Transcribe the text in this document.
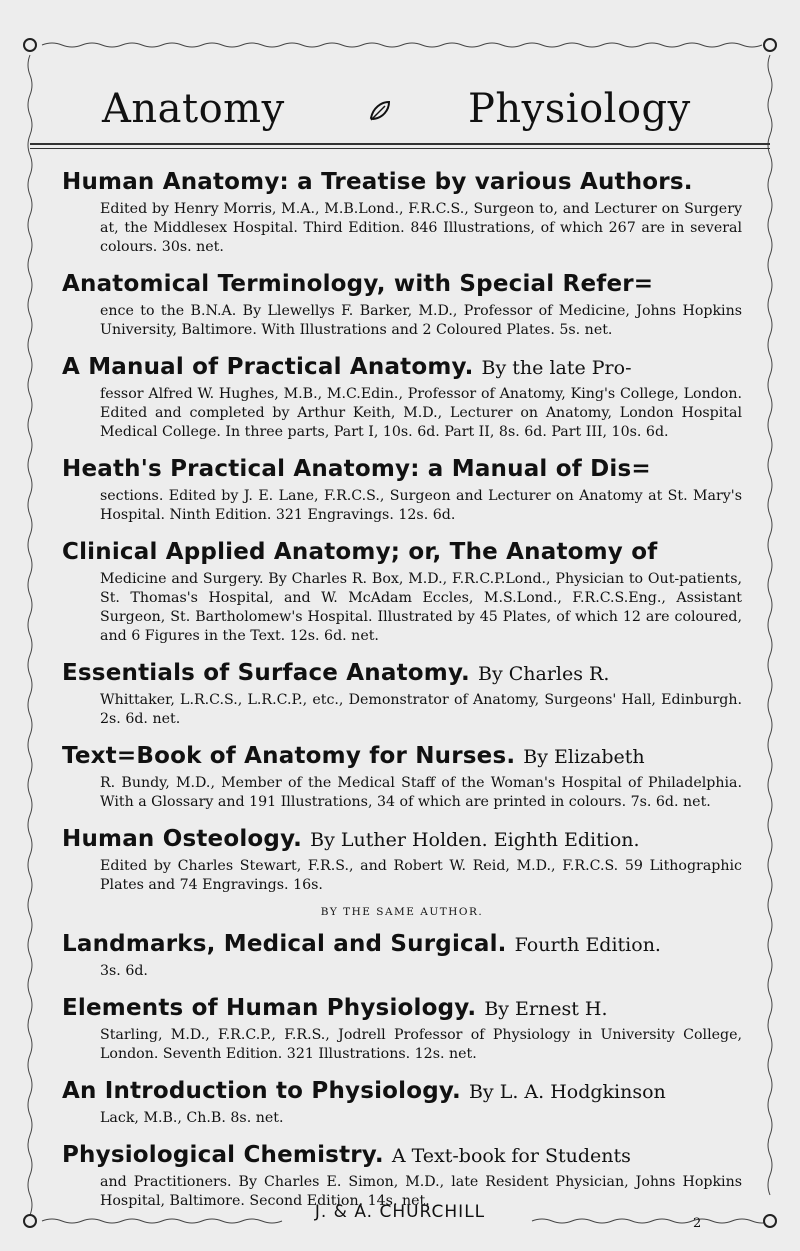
Anatomy	Physiology
Human Anatomy: a Treatise by various Authors.
Edited by Henry Morris, M.A., M.B.Lond., F.R.C.S., Surgeon to, and Lecturer on Surgery at, the Middlesex Hospital. Third Edition. 846 Illustrations, of which 267 are in several colours. 30s. net.
Anatomical Terminology, with Special Refer=
ence to the B.N.A. By Llewellys F. Barker, M.D., Professor of Medicine, Johns Hopkins University, Baltimore. With Illustrations and 2 Coloured Plates. 5s. net.
A Manual of Practical Anatomy. By the late Pro-
fessor Alfred W. Hughes, M.B., M.C.Edin., Professor of Anatomy, King's College, London. Edited and completed by Arthur Keith, M.D., Lecturer on Anatomy, London Hospital Medical College. In three parts, Part I, 10s. 6d. Part II, 8s. 6d. Part III, 10s. 6d.
Heath's Practical Anatomy: a Manual of Dis=
sections. Edited by J. E. Lane, F.R.C.S., Surgeon and Lecturer on Anatomy at St. Mary's Hospital. Ninth Edition. 321 Engravings. 12s. 6d.
Clinical Applied Anatomy; or, The Anatomy of
Medicine and Surgery. By Charles R. Box, M.D., F.R.C.P.Lond., Physician to Out-patients, St. Thomas's Hospital, and W. McAdam Eccles, M.S.Lond., F.R.C.S.Eng., Assistant Surgeon, St. Bartholomew's Hospital. Illustrated by 45 Plates, of which 12 are coloured, and 6 Figures in the Text. 12s. 6d. net.
Essentials of Surface Anatomy. By Charles R.
Whittaker, L.R.C.S., L.R.C.P., etc., Demonstrator of Anatomy, Surgeons' Hall, Edinburgh. 2s. 6d. net.
Text=Book of Anatomy for Nurses. By Elizabeth
R. Bundy, M.D., Member of the Medical Staff of the Woman's Hospital of Philadelphia. With a Glossary and 191 Illustrations, 34 of which are printed in colours. 7s. 6d. net.
Human Osteology. By Luther Holden. Eighth Edition.
Edited by Charles Stewart, F.R.S., and Robert W. Reid, M.D., F.R.C.S. 59 Lithographic Plates and 74 Engravings. 16s.
BY THE SAME AUTHOR.
Landmarks, Medical and Surgical. Fourth Edition.
3s. 6d.
Elements of Human Physiology. By Ernest H.
Starling, M.D., F.R.C.P., F.R.S., Jodrell Professor of Physiology in University College, London. Seventh Edition. 321 Illustrations. 12s. net.
An Introduction to Physiology. By L. A. Hodgkinson
Lack, M.B., Ch.B. 8s. net.
Physiological Chemistry. A Text-book for Students
and Practitioners. By Charles E. Simon, M.D., late Resident Physician, Johns Hopkins Hospital, Baltimore. Second Edition. 14s. net.
J. & A. CHURCHILL
2
